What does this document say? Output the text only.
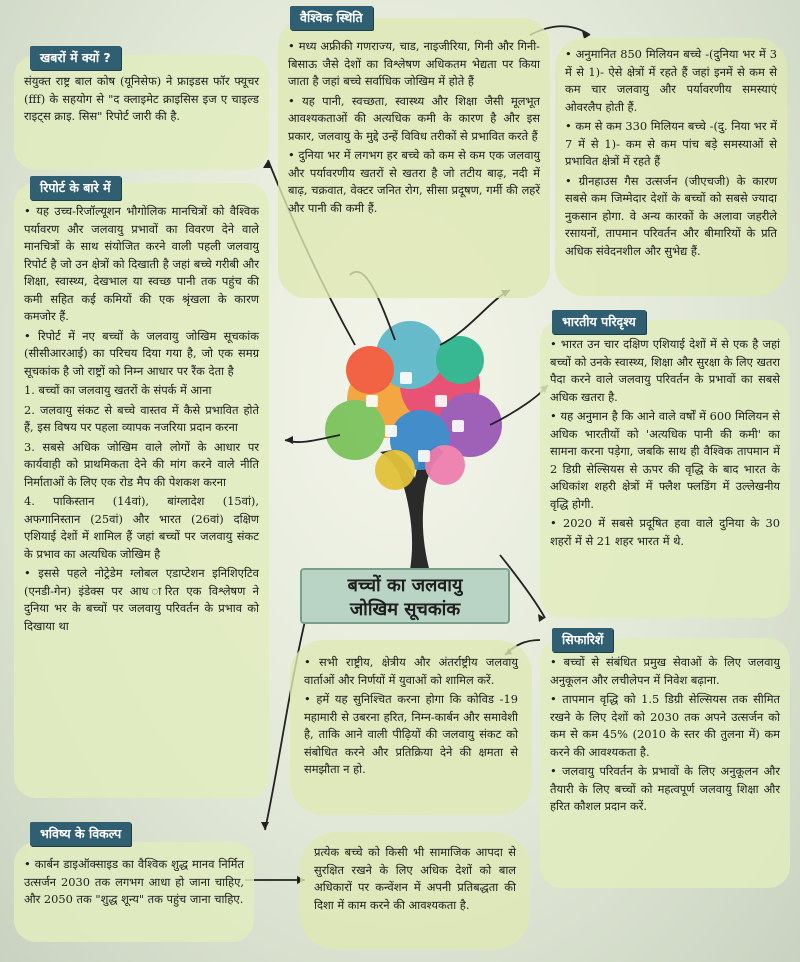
संयुक्त राष्ट्र बाल कोष (यूनिसेफ) ने फ्राइडस फॉर फ्यूचर (fff) के सहयोग से "द क्लाइमेट क्राइसिस इज ए चाइल्ड राइट्स क्राइ. सिस" रिपोर्ट जारी की है.

खबरों में क्यों ?

• यह उच्च-रिजॉल्यूशन भौगोलिक मानचित्रों को वैश्विक पर्यावरण और जलवायु प्रभावों का विवरण देने वाले मानचित्रों के साथ संयोजित करने वाली पहली जलवायु रिपोर्ट है जो उन क्षेत्रों को दिखाती है जहां बच्चे गरीबी और शिक्षा, स्वास्थ्य, देखभाल या स्वच्छ पानी तक पहुंच की कमी सहित कई कमियों की एक श्रृंखला के कारण कमजोर हैं.

• रिपोर्ट में नए बच्चों के जलवायु जोखिम सूचकांक (सीसीआरआई) का परिचय दिया गया है, जो एक समग्र सूचकांक है जो राष्ट्रों को निम्न आधार पर रैंक देता है

1. बच्चों का जलवायु खतरों के संपर्क में आना

2. जलवायु संकट से बच्चे वास्तव में कैसे प्रभावित होते हैं, इस विषय पर पहला व्यापक नजरिया प्रदान करना

3. सबसे अधिक जोखिम वाले लोगों के आधार पर कार्यवाही को प्राथमिकता देने की मांग करने वाले नीति निर्माताओं के लिए एक रोड मैप की पेशकश करना

4. पाकिस्तान (14वां), बांग्लादेश (15वां), अफगानिस्तान (25वां) और भारत (26वां) दक्षिण एशियाई देशों में शामिल हैं जहां बच्चों पर जलवायु संकट के प्रभाव का अत्यधिक जोखिम है

• इससे पहले नोट्रेडेम ग्लोबल एडाप्टेशन इनिशिएटिव (एनडी-गेन) इंडेक्स पर आध ारित एक विश्लेषण ने दुनिया भर के बच्चों पर जलवायु परिवर्तन के प्रभाव को दिखाया था

रिपोर्ट के बारे में

• मध्य अफ्रीकी गणराज्य, चाड, नाइजीरिया, गिनी और गिनी-बिसाऊ जैसे देशों का विश्लेषण अधिकतम भेद्यता पर किया जाता है जहां बच्चे सर्वाधिक जोखिम में होते हैं

• यह पानी, स्वच्छता, स्वास्थ्य और शिक्षा जैसी मूलभूत आवश्यकताओं की अत्यधिक कमी के कारण है और इस प्रकार, जलवायु के मुद्दे उन्हें विविध तरीकों से प्रभावित करते हैं

• दुनिया भर में लगभग हर बच्चे को कम से कम एक जलवायु और पर्यावरणीय खतरों से खतरा है जो तटीय बाढ़, नदी में बाढ़, चक्रवात, वेक्टर जनित रोग, सीसा प्रदूषण, गर्मी की लहरें और पानी की कमी हैं.

वैश्विक स्थिति

• अनुमानित 850 मिलियन बच्चे -(दुनिया भर में 3 में से 1)- ऐसे क्षेत्रों में रहते हैं जहां इनमें से कम से कम चार जलवायु और पर्यावरणीय समस्याएं ओवरलैप होती हैं.

• कम से कम 330 मिलियन बच्चे -(दु. निया भर में 7 में से 1)- कम से कम पांच बड़े समस्याओं से प्रभावित क्षेत्रों में रहते हैं

• ग्रीनहाउस गैस उत्सर्जन (जीएचजी) के कारण सबसे कम जिम्मेदार देशों के बच्चों को सबसे ज्यादा नुकसान होगा. वे अन्य कारकों के अलावा जहरीले रसायनों, तापमान परिवर्तन और बीमारियों के प्रति अधिक संवेदनशील और सुभेद्य हैं.

• भारत उन चार दक्षिण एशियाई देशों में से एक है जहां बच्चों को उनके स्वास्थ्य, शिक्षा और सुरक्षा के लिए खतरा पैदा करने वाले जलवायु परिवर्तन के प्रभावों का सबसे अधिक खतरा है.

• यह अनुमान है कि आने वाले वर्षों में 600 मिलियन से अधिक भारतीयों को 'अत्यधिक पानी की कमी' का सामना करना पड़ेगा, जबकि साथ ही वैश्विक तापमान में 2 डिग्री सेल्सियस से ऊपर की वृद्धि के बाद भारत के अधिकांश शहरी क्षेत्रों में फ्लैश फ्लडिंग में उल्लेखनीय वृद्धि होगी.

• 2020 में सबसे प्रदूषित हवा वाले दुनिया के 30 शहरों में से 21 शहर भारत में थे.

भारतीय परिदृश्य

• बच्चों से संबंधित प्रमुख सेवाओं के लिए जलवायु अनुकूलन और लचीलेपन में निवेश बढ़ाना.

• तापमान वृद्धि को 1.5 डिग्री सेल्सियस तक सीमित रखने के लिए देशों को 2030 तक अपने उत्सर्जन को कम से कम 45% (2010 के स्तर की तुलना में) कम करने की आवश्यकता है.

• जलवायु परिवर्तन के प्रभावों के लिए अनुकूलन और तैयारी के लिए बच्चों को महत्वपूर्ण जलवायु शिक्षा और हरित कौशल प्रदान करें.

सिफारिशें

• सभी राष्ट्रीय, क्षेत्रीय और अंतर्राष्ट्रीय जलवायु वार्ताओं और निर्णयों में युवाओं को शामिल करें.

• हमें यह सुनिश्चित करना होगा कि कोविड -19 महामारी से उबरना हरित, निम्न-कार्बन और समावेशी है, ताकि आने वाली पीढ़ियों की जलवायु संकट को संबोधित करने और प्रतिक्रिया देने की क्षमता से समझौता न हो.

• कार्बन डाइऑक्साइड का वैश्विक शुद्ध मानव निर्मित उत्सर्जन 2030 तक लगभग आधा हो जाना चाहिए, और 2050 तक "शुद्ध शून्य" तक पहुंच जाना चाहिए.

भविष्य के विकल्प

प्रत्येक बच्चे को किसी भी सामाजिक आपदा से सुरक्षित रखने के लिए अधिक देशों को बाल अधिकारों पर कन्वेंशन में अपनी प्रतिबद्धता की दिशा में काम करने की आवश्यकता है.

बच्चों का जलवायु
जोखिम सूचकांक
